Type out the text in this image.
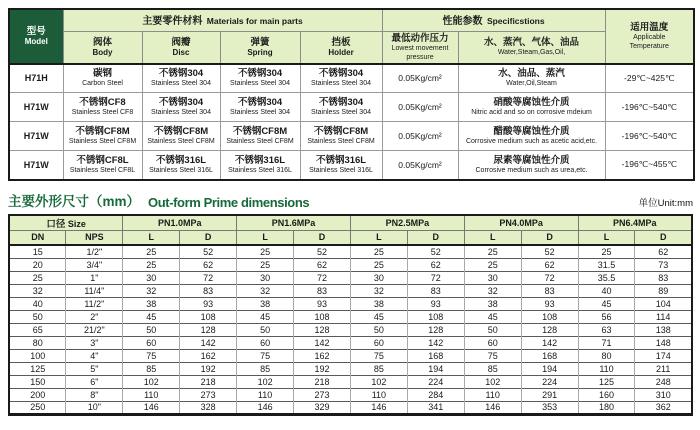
型号
Model	主要零件材料 Materials for main parts				性能参数 Specificstions		适用温度
Applicable
Temperature

	阀体
Body	阀瓣
Disc	弹簧
Spring	挡板
Holder	最低动作压力
Lowest movement
pressure	水、蒸汽、气体、油品
Water,Steam,Gas,Oil,	

H71H	碳钢
Carbon Steel	不锈钢304
Stainless Steel 304	不锈钢304
Stainless Steel 304	不锈钢304
Stainless Steel 304	0.05Kg/cm²	水、油品、蒸汽
Water,Oil,Steam	-29℃~425℃
H71W	不锈钢CF8
Stainless Steel CF8	不锈钢304
Stainless Steel 304	不锈钢304
Stainless Steel 304	不锈钢304
Stainless Steel 304	0.05Kg/cm²	硝酸等腐蚀性介质
Nitric acid and so on corrosive mdeium	-196℃~540℃
H71W	不锈钢CF8M
Stainless Steel CF8M	不锈钢CF8M
Stainless Steel CF8M	不锈钢CF8M
Stainless Steel CF8M	不锈钢CF8M
Stainless Steel CF8M	0.05Kg/cm²	醋酸等腐蚀性介质
Corrosive medium such as acetic acid,etc.	-196℃~540℃
H71W	不锈钢CF8L
Stainless Steel CF8L	不锈钢316L
Stainless Steel 316L	不锈钢316L
Stainless Steel 316L	不锈钢316L
Stainless Steel 316L	0.05Kg/cm²	尿素等腐蚀性介质
Corrosive medium such as urea,etc.	-196℃~455℃
主要外形尺寸（mm） Out-form Prime dimensions	单位Unit:mm
口径 Size		PN1.0MPa		PN1.6MPa		PN2.5MPa		PN4.0MPa		PN6.4MPa	
DN	NPS	L	D	L	D	L	D	L	D	L	D
15	1/2"	25	52	25	52	25	52	25	52	25	62
20	3/4"	25	62	25	62	25	62	25	62	31.5	73
25	1"	30	72	30	72	30	72	30	72	35.5	83
32	11/4"	32	83	32	83	32	83	32	83	40	89
40	11/2"	38	93	38	93	38	93	38	93	45	104
50	2"	45	108	45	108	45	108	45	108	56	114
65	21/2"	50	128	50	128	50	128	50	128	63	138
80	3"	60	142	60	142	60	142	60	142	71	148
100	4"	75	162	75	162	75	168	75	168	80	174
125	5"	85	192	85	192	85	194	85	194	110	211
150	6"	102	218	102	218	102	224	102	224	125	248
200	8"	110	273	110	273	110	284	110	291	160	310
250	10"	146	328	146	329	146	341	146	353	180	362
